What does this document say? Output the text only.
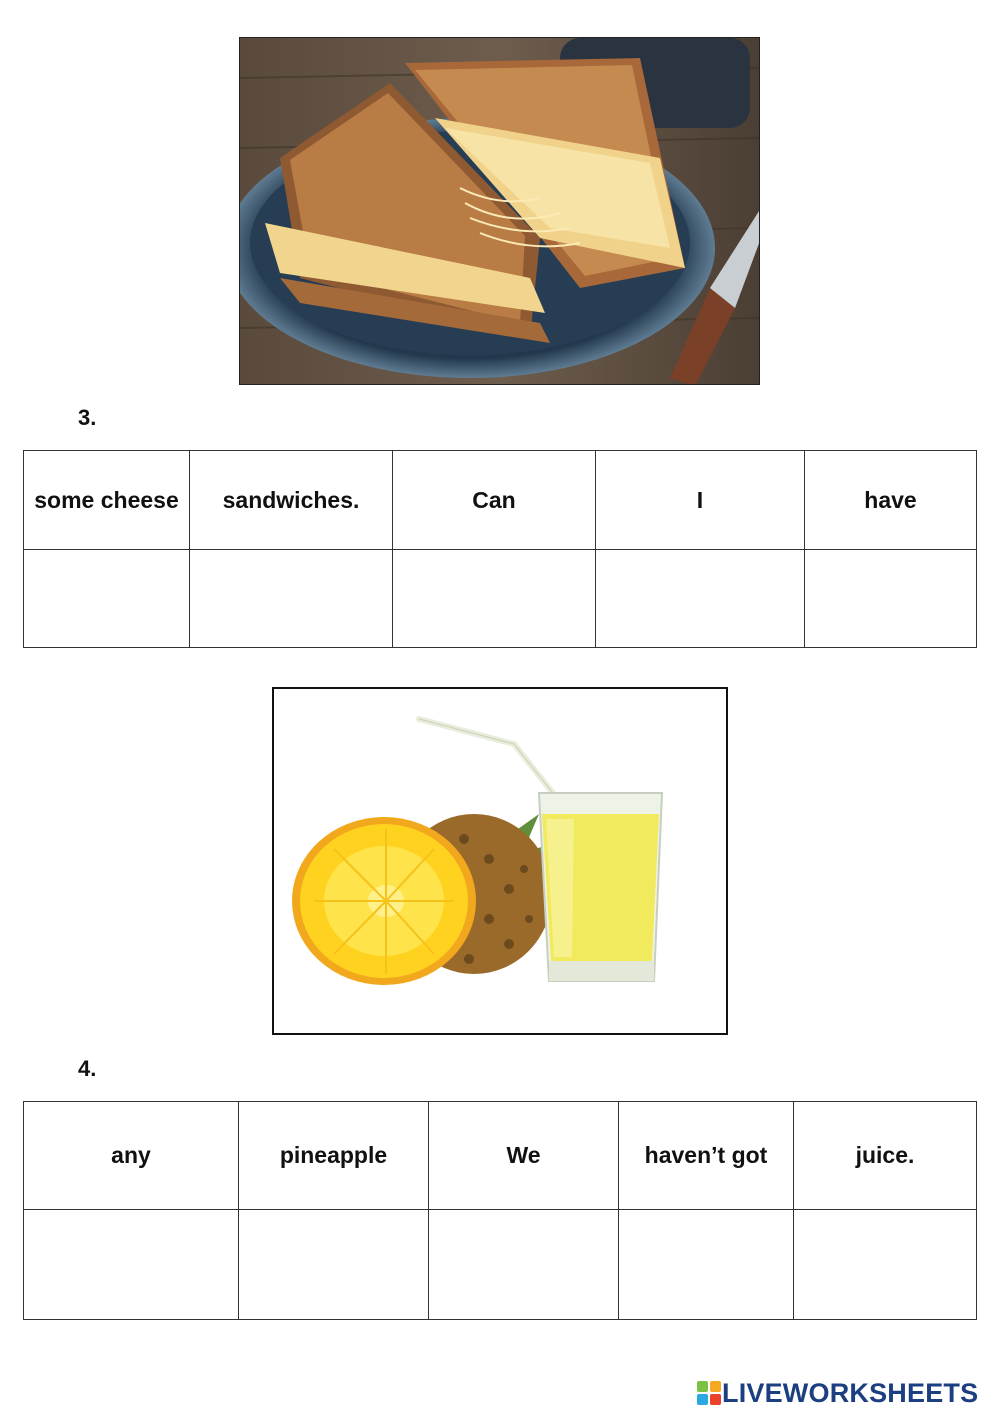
3.
some cheese	sandwiches.	Can	I	have

4.
any	pineapple	We	haven’t got	juice.

LIVEWORKSHEETS
